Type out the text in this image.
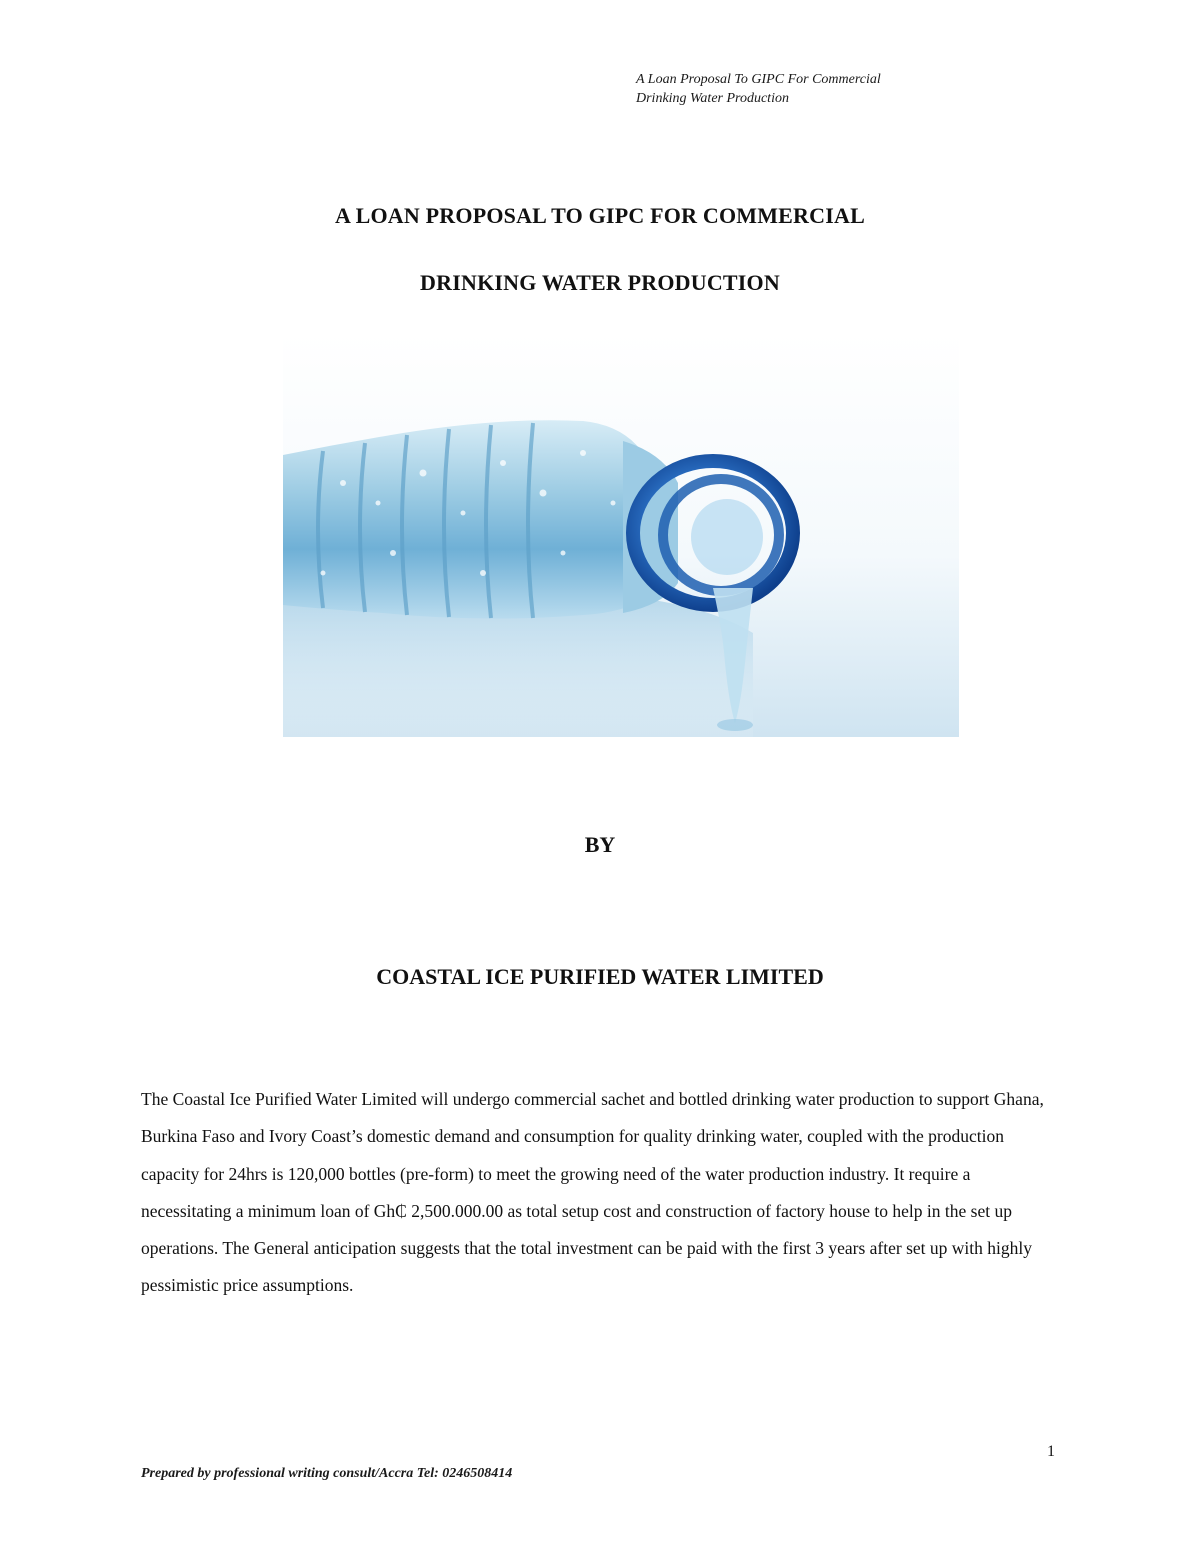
A Loan Proposal To GIPC For Commercial
Drinking Water Production
A LOAN PROPOSAL TO GIPC FOR COMMERCIAL
DRINKING WATER PRODUCTION
BY
COASTAL ICE PURIFIED WATER LIMITED
The Coastal Ice Purified Water Limited will undergo commercial sachet and bottled drinking water production to support Ghana, Burkina Faso and Ivory Coast’s domestic demand and consumption for quality drinking water, coupled with the production capacity for 24hrs is 120,000 bottles (pre-form) to meet the growing need of the water production industry. It require a necessitating a minimum loan of Gh₵ 2,500.000.00 as total setup cost and construction of factory house to help in the set up operations. The General anticipation suggests that the total investment can be paid with the first 3 years after set up with highly pessimistic price assumptions.
1
Prepared by professional writing consult/Accra Tel: 0246508414
